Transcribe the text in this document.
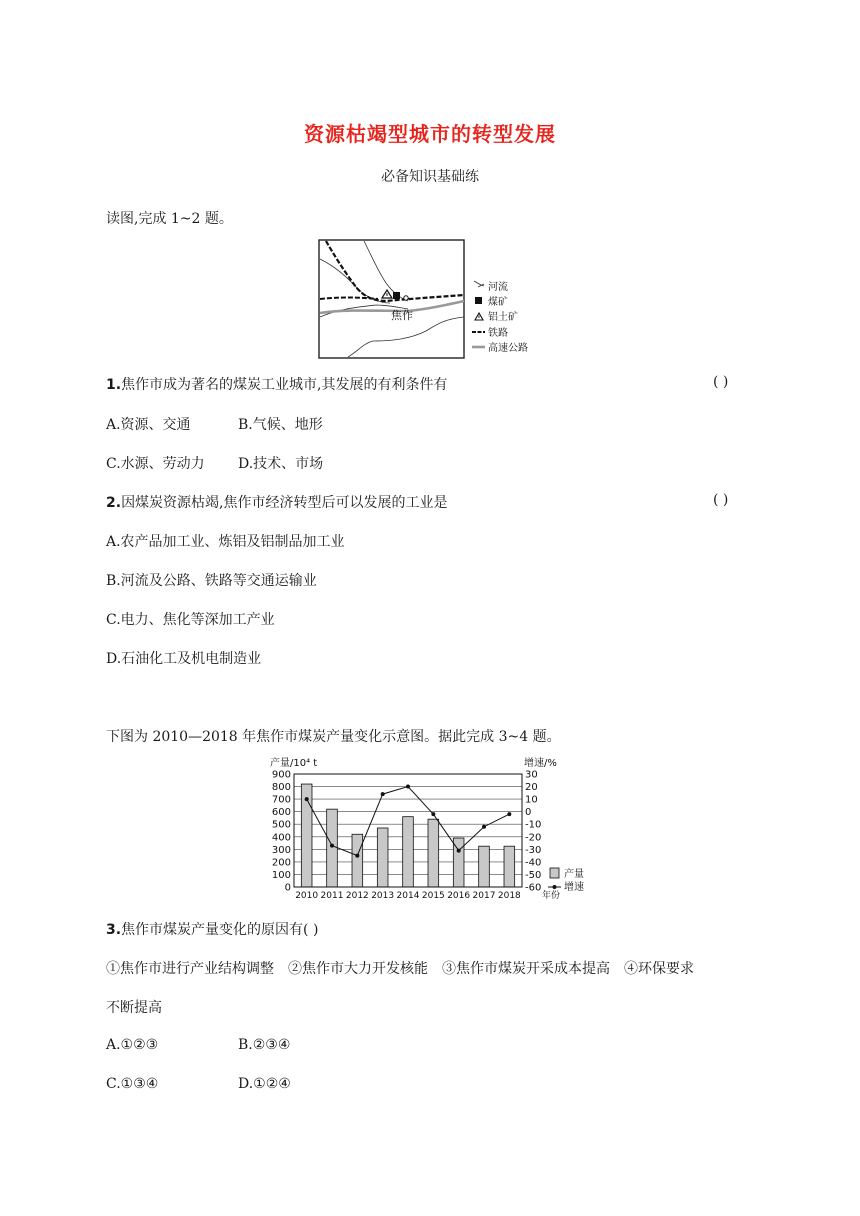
资源枯竭型城市的转型发展
必备知识基础练
读图,完成 1~2 题。
焦作
河流
煤矿
铝土矿
铁路
高速公路
1.焦作市成为著名的煤炭工业城市,其发展的有利条件有	( )
A.资源、交通	B.气候、地形
C.水源、劳动力 D.技术、市场
2.因煤炭资源枯竭,焦作市经济转型后可以发展的工业是	( )
A.农产品加工业、炼铝及铝制品加工业
B.河流及公路、铁路等交通运输业
C.电力、焦化等深加工产业
D.石油化工及机电制造业
下图为 2010—2018 年焦作市煤炭产量变化示意图。据此完成 3~4 题。
0
100
200
300
400
500
600
700
800
900	30
20
10
0
-10
-20
-30
-40
-50
-60
2010 2011 2012 2013 2014 2015 2016 2017 2018
产量/10⁴ t	增速/%
年份
产量
增速
3.焦作市煤炭产量变化的原因有( )
①焦作市进行产业结构调整　②焦作市大力开发核能　③焦作市煤炭开采成本提高　④环保要求
不断提高
A.①②③	B.②③④
C.①③④	D.①②④
